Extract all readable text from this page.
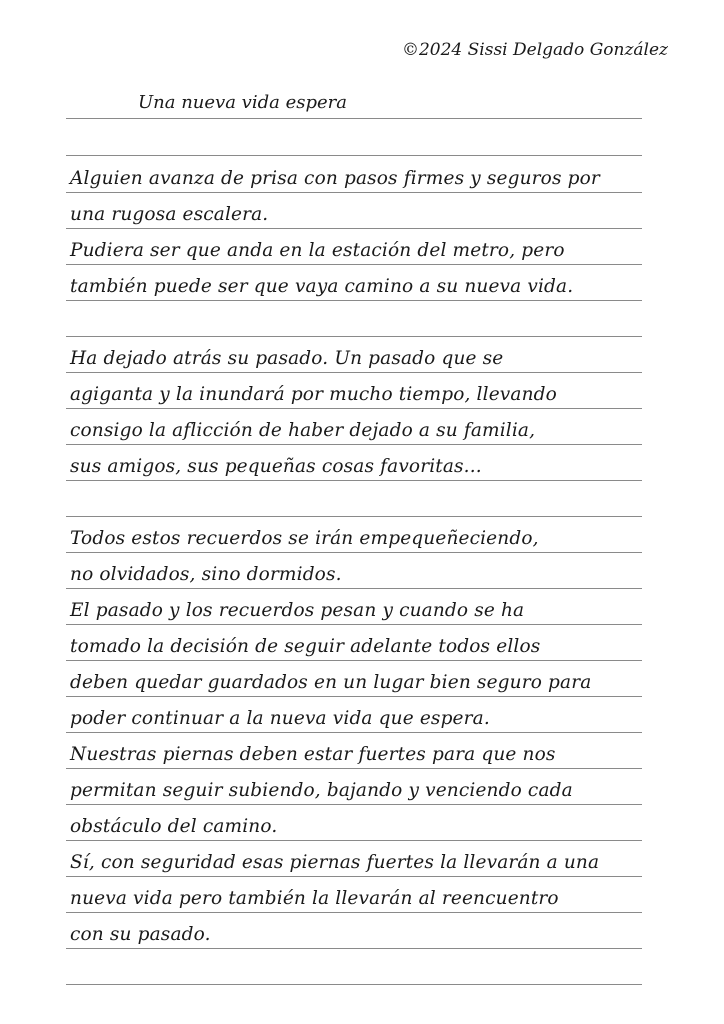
©2024 Sissi Delgado González
Una nueva vida espera
Alguien avanza de prisa con pasos firmes y seguros por
una rugosa escalera.
Pudiera ser que anda en la estación del metro, pero
también puede ser que vaya camino a su nueva vida.
Ha dejado atrás su pasado. Un pasado que se
agiganta y la inundará por mucho tiempo, llevando
consigo la aflicción de haber dejado a su familia,
sus amigos, sus pequeñas cosas favoritas...
Todos estos recuerdos se irán empequeñeciendo,
no olvidados, sino dormidos.
El pasado y los recuerdos pesan y cuando se ha
tomado la decisión de seguir adelante todos ellos
deben quedar guardados en un lugar bien seguro para
poder continuar a la nueva vida que espera.
Nuestras piernas deben estar fuertes para que nos
permitan seguir subiendo, bajando y venciendo cada
obstáculo del camino.
Sí, con seguridad esas piernas fuertes la llevarán a una
nueva vida pero también la llevarán al reencuentro
con su pasado.
